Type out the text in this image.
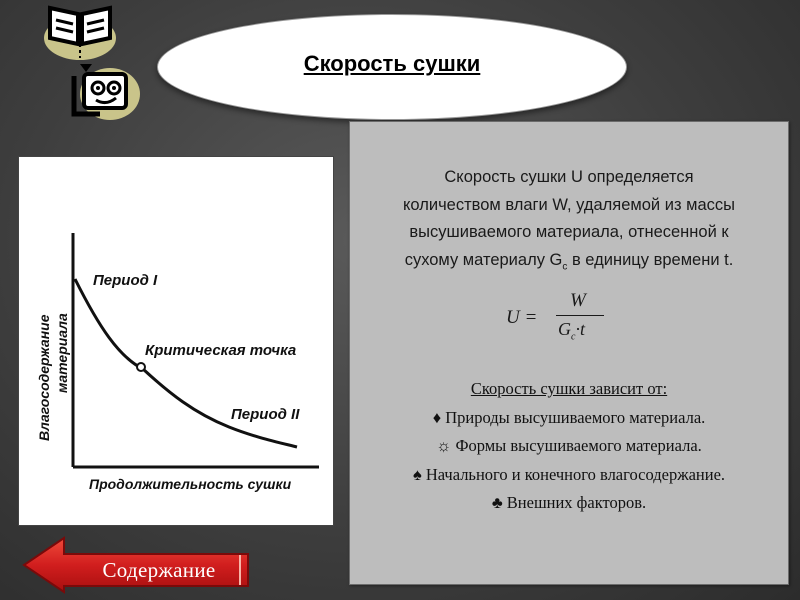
Скорость сушки
Влагосодержание материала
Продолжительность сушки
Период I
Критическая точка
Период II
Скорость сушки U определяется
количеством влаги W, удаляемой из массы
высушиваемого материала, отнесенной к
сухому материалу $G_c$ в единицу времени t.
U =
W
$G_c\cdot t$
Скорость сушки зависит от:
♦ Природы высушиваемого материала.
☼ Формы высушиваемого материала.
♠ Начального и конечного влагосодержание.
♣ Внешних факторов.
Содержание
